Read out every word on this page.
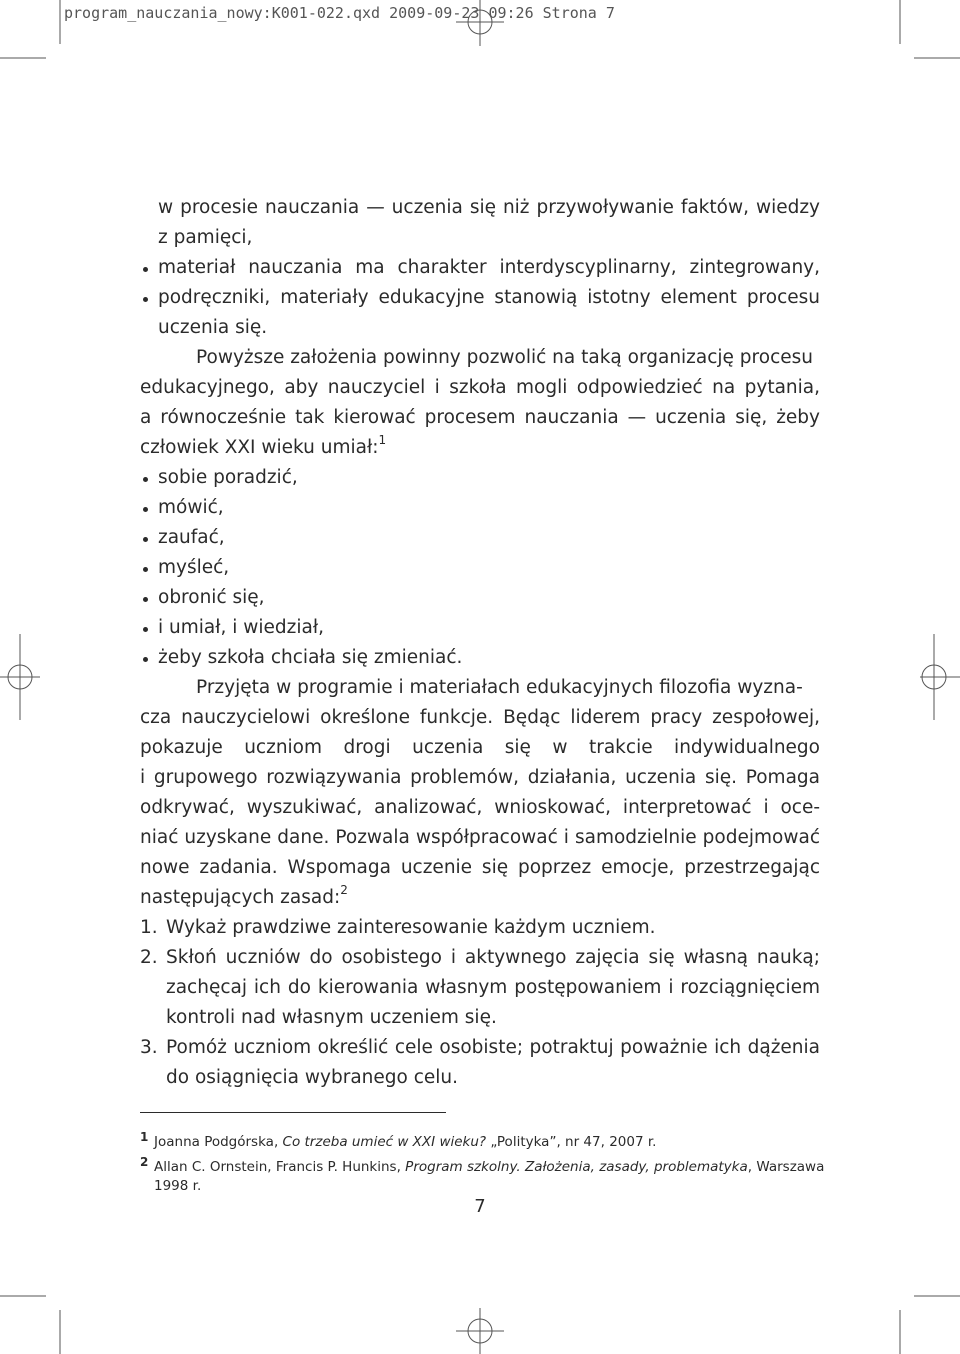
program_nauczania_nowy:K001-022.qxd 2009-09-23 09:26 Strona 7
w procesie nauczania — uczenia się niż przywoływanie faktów, wiedzy
z pamięci,
materiał nauczania ma charakter interdyscyplinarny, zintegrowany,
podręczniki, materiały edukacyjne stanowią istotny element procesu
uczenia się.
Powyższe założenia powinny pozwolić na taką organizację procesu
edukacyjnego, aby nauczyciel i szkoła mogli odpowiedzieć na pytania,
a równocześnie tak kierować procesem nauczania — uczenia się, żeby
człowiek XXI wieku umiał:$^1$
sobie poradzić,
mówić,
zaufać,
myśleć,
obronić się,
i umiał, i wiedział,
żeby szkoła chciała się zmieniać.
Przyjęta w programie i materiałach edukacyjnych filozofia wyzna-
cza nauczycielowi określone funkcje. Będąc liderem pracy zespołowej,
pokazuje uczniom drogi uczenia się w trakcie indywidualnego
i grupowego rozwiązywania problemów, działania, uczenia się. Pomaga
odkrywać, wyszukiwać, analizować, wnioskować, interpretować i oce-
niać uzyskane dane. Pozwala współpracować i samodzielnie podejmować
nowe zadania. Wspomaga uczenie się poprzez emocje, przestrzegając
następujących zasad:$^2$
1. Wykaż prawdziwe zainteresowanie każdym uczniem.
2. Skłoń uczniów do osobistego i aktywnego zajęcia się własną nauką;
zachęcaj ich do kierowania własnym postępowaniem i rozciągnięciem
kontroli nad własnym uczeniem się.
3. Pomóż uczniom określić cele osobiste; potraktuj poważnie ich dążenia
do osiągnięcia wybranego celu.
1 Joanna Podgórska, Co trzeba umieć w XXI wieku? „Polityka”, nr 47, 2007 r.
2 Allan C. Ornstein, Francis P. Hunkins, Program szkolny. Założenia, zasady, problematyka, Warszawa
1998 r.
7
